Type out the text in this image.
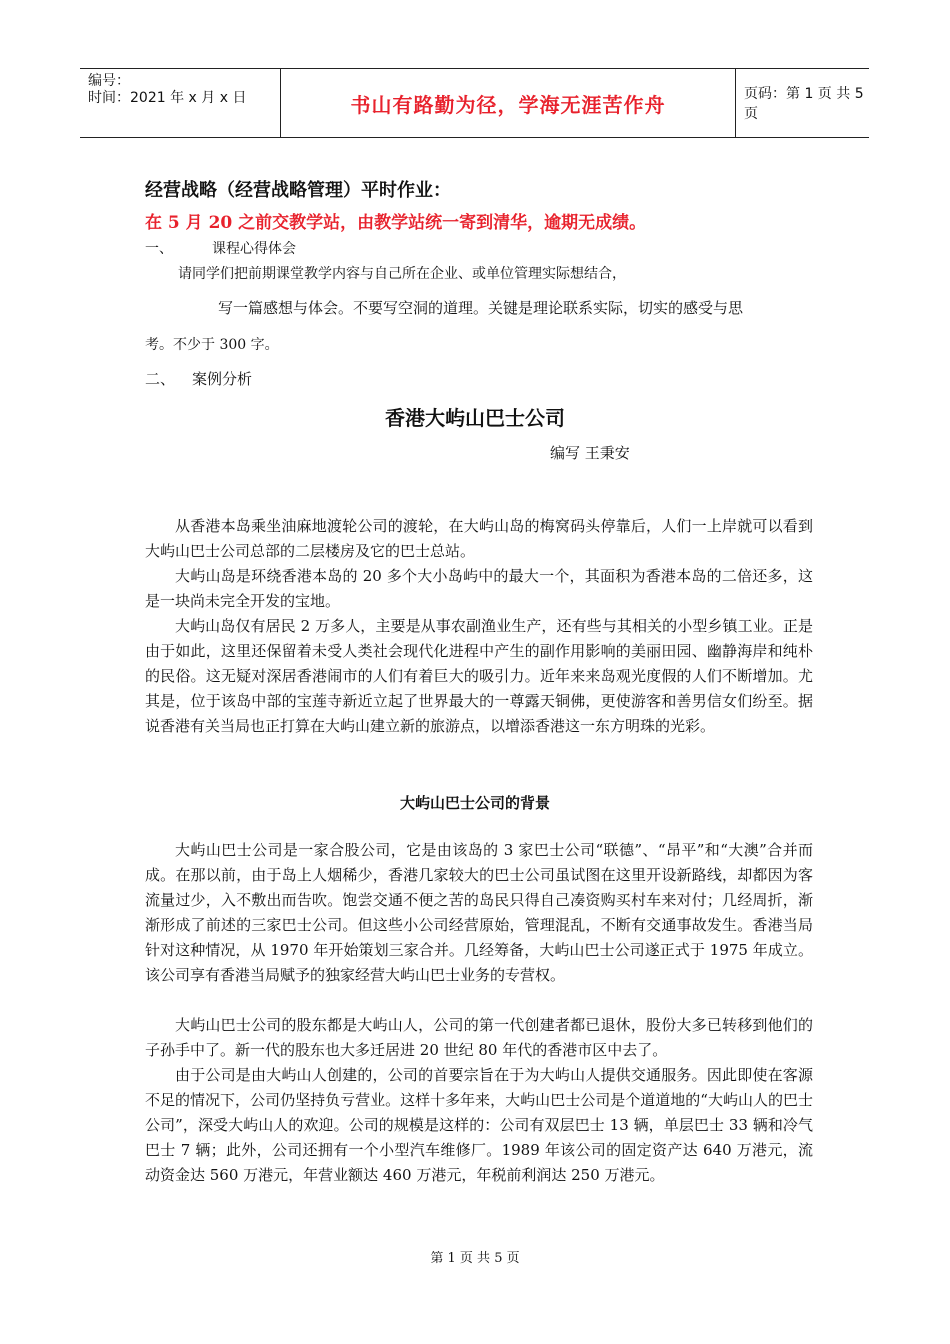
编号：
时间：2021 年 x 月 x 日	书山有路勤为径，学海无涯苦作舟	页码：第 1 页 共 5 页
经营战略（经营战略管理）平时作业：
在 5 月 20 之前交教学站，由教学站统一寄到清华，逾期无成绩。
一、	课程心得体会
请同学们把前期课堂教学内容与自己所在企业、或单位管理实际想结合，
写一篇感想与体会。不要写空洞的道理。关键是理论联系实际，切实的感受与思
考。不少于 300 字。
二、 案例分析
香港大屿山巴士公司
编写 王秉安
从香港本岛乘坐油麻地渡轮公司的渡轮，在大屿山岛的梅窝码头停靠后，人们一上岸就可以看到大屿山巴士公司总部的二层楼房及它的巴士总站。
大屿山岛是环绕香港本岛的 20 多个大小岛屿中的最大一个，其面积为香港本岛的二倍还多，这是一块尚未完全开发的宝地。
大屿山岛仅有居民 2 万多人，主要是从事农副渔业生产，还有些与其相关的小型乡镇工业。正是由于如此，这里还保留着未受人类社会现代化进程中产生的副作用影响的美丽田园、幽静海岸和纯朴的民俗。这无疑对深居香港闹市的人们有着巨大的吸引力。近年来来岛观光度假的人们不断增加。尤其是，位于该岛中部的宝莲寺新近立起了世界最大的一尊露天铜佛，更使游客和善男信女们纷至。据说香港有关当局也正打算在大屿山建立新的旅游点，以增添香港这一东方明珠的光彩。
大屿山巴士公司的背景
大屿山巴士公司是一家合股公司，它是由该岛的 3 家巴士公司“联德”、“昂平”和“大澳”合并而成。在那以前，由于岛上人烟稀少，香港几家较大的巴士公司虽试图在这里开设新路线，却都因为客流量过少，入不敷出而告吹。饱尝交通不便之苦的岛民只得自己凑资购买村车来对付；几经周折，渐渐形成了前述的三家巴士公司。但这些小公司经营原始，管理混乱，不断有交通事故发生。香港当局针对这种情况，从 1970 年开始策划三家合并。几经筹备，大屿山巴士公司遂正式于 1975 年成立。该公司享有香港当局赋予的独家经营大屿山巴士业务的专营权。
大屿山巴士公司的股东都是大屿山人，公司的第一代创建者都已退休，股份大多已转移到他们的子孙手中了。新一代的股东也大多迁居进 20 世纪 80 年代的香港市区中去了。
由于公司是由大屿山人创建的，公司的首要宗旨在于为大屿山人提供交通服务。因此即使在客源不足的情况下，公司仍坚持负亏营业。这样十多年来，大屿山巴士公司是个道道地的“大屿山人的巴士公司”，深受大屿山人的欢迎。公司的规模是这样的：公司有双层巴士 13 辆，单层巴士 33 辆和冷气巴士 7 辆；此外，公司还拥有一个小型汽车维修厂。1989 年该公司的固定资产达 640 万港元，流动资金达 560 万港元，年营业额达 460 万港元，年税前利润达 250 万港元。
第 1 页 共 5 页
